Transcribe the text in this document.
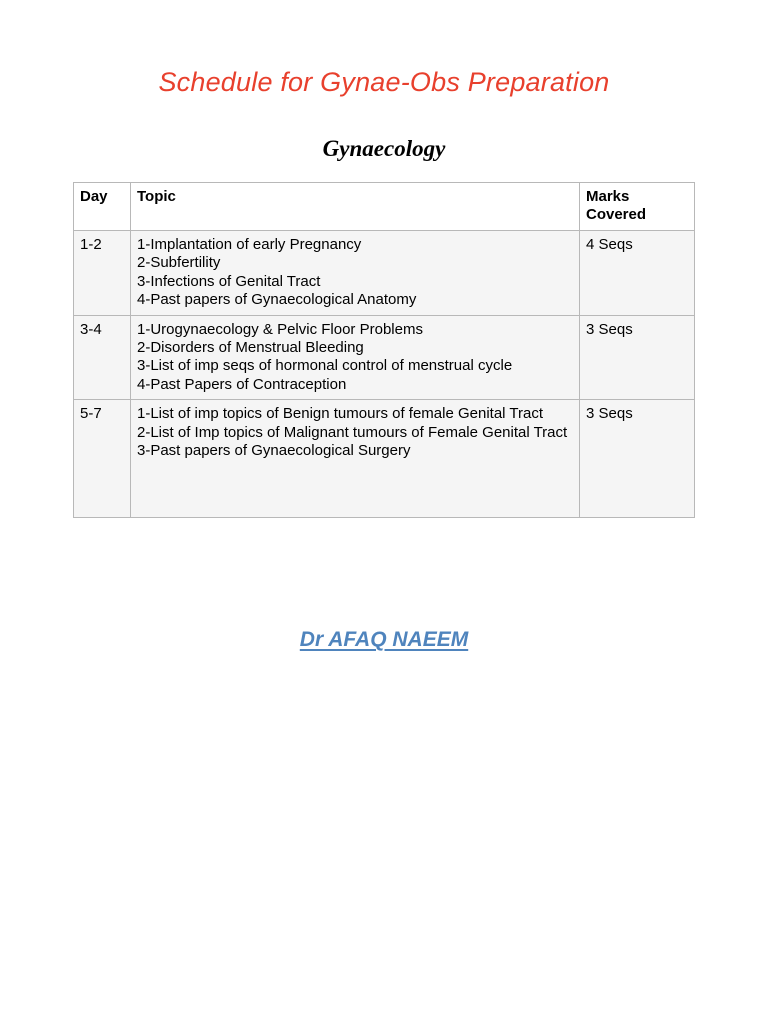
Schedule for Gynae-Obs Preparation
Gynaecology
Day	Topic	Marks Covered
1-2	1-Implantation of early Pregnancy
2-Subfertility
3-Infections of Genital Tract
4-Past papers of Gynaecological Anatomy	4 Seqs
3-4	1-Urogynaecology & Pelvic Floor Problems
2-Disorders of Menstrual Bleeding
3-List of imp seqs of hormonal control of menstrual cycle
4-Past Papers of Contraception	3 Seqs
5-7	1-List of imp topics of Benign tumours of female Genital Tract
2-List of Imp topics of Malignant tumours of Female Genital Tract
3-Past papers of Gynaecological Surgery	3 Seqs
Dr AFAQ NAEEM
